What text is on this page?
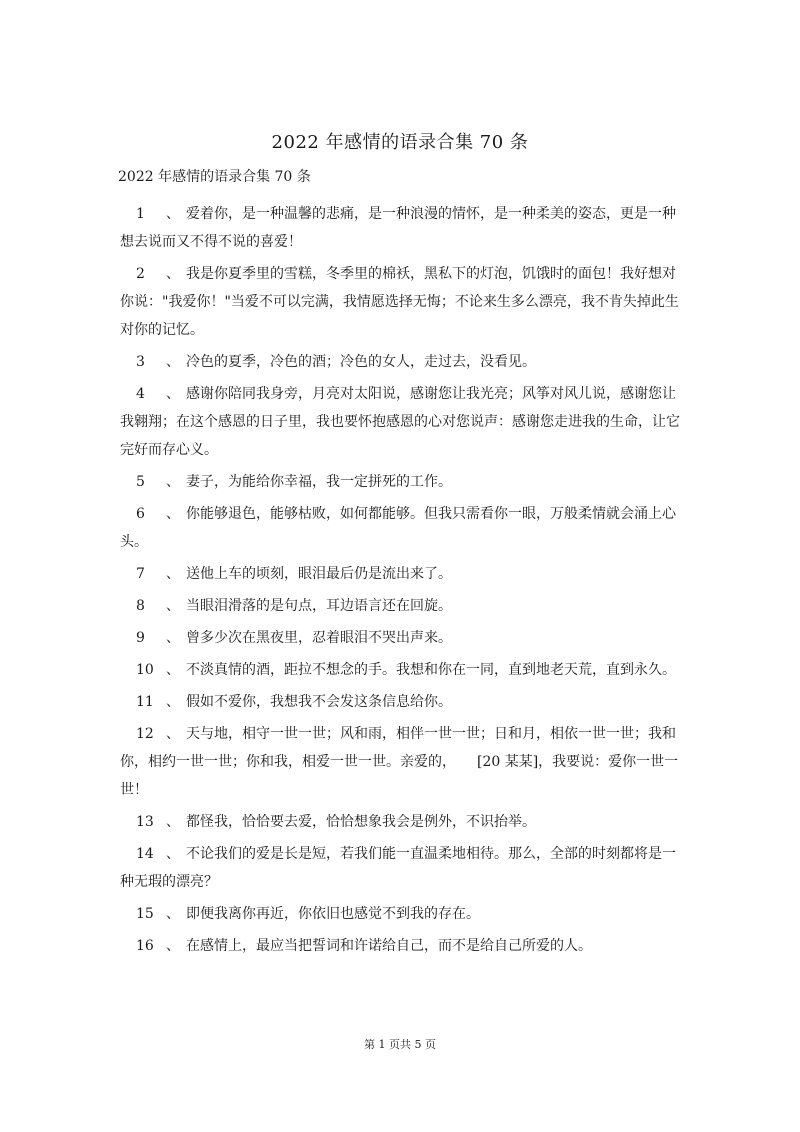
2022 年感情的语录合集 70 条
2022 年感情的语录合集 70 条
1 、 爱着你，是一种温馨的悲痛，是一种浪漫的情怀，是一种柔美的姿态，更是一种想去说而又不得不说的喜爱！
2 、 我是你夏季里的雪糕，冬季里的棉袄，黑私下的灯泡，饥饿时的面包！我好想对你说："我爱你！"当爱不可以完满，我情愿选择无悔；不论来生多么漂亮，我不肯失掉此生对你的记忆。
3 、 冷色的夏季，冷色的酒；冷色的女人，走过去，没看见。
4 、 感谢你陪同我身旁，月亮对太阳说，感谢您让我光亮；风筝对风儿说，感谢您让我翱翔；在这个感恩的日子里，我也要怀抱感恩的心对您说声：感谢您走进我的生命，让它完好而存心义。
5 、 妻子，为能给你幸福，我一定拼死的工作。
6 、 你能够退色，能够枯败，如何都能够。但我只需看你一眼，万般柔情就会涌上心头。
7 、 送他上车的顷刻，眼泪最后仍是流出来了。
8 、 当眼泪滑落的是句点，耳边语言还在回旋。
9 、 曾多少次在黑夜里，忍着眼泪不哭出声来。
10 、 不淡真情的酒，距拉不想念的手。我想和你在一同，直到地老天荒，直到永久。
11 、 假如不爱你，我想我不会发这条信息给你。
12 、 天与地，相守一世一世；风和雨，相伴一世一世；日和月，相依一世一世；我和你，相约一世一世；你和我，相爱一世一世。亲爱的，　　[20 某某]，我要说：爱你一世一世！
13 、 都怪我，恰恰要去爱，恰恰想象我会是例外，不识抬举。
14 、 不论我们的爱是长是短，若我们能一直温柔地相待。那么，全部的时刻都将是一种无瑕的漂亮？
15 、 即便我离你再近，你依旧也感觉不到我的存在。
16 、 在感情上，最应当把誓词和许诺给自己，而不是给自己所爱的人。
第 1 页共 5 页
